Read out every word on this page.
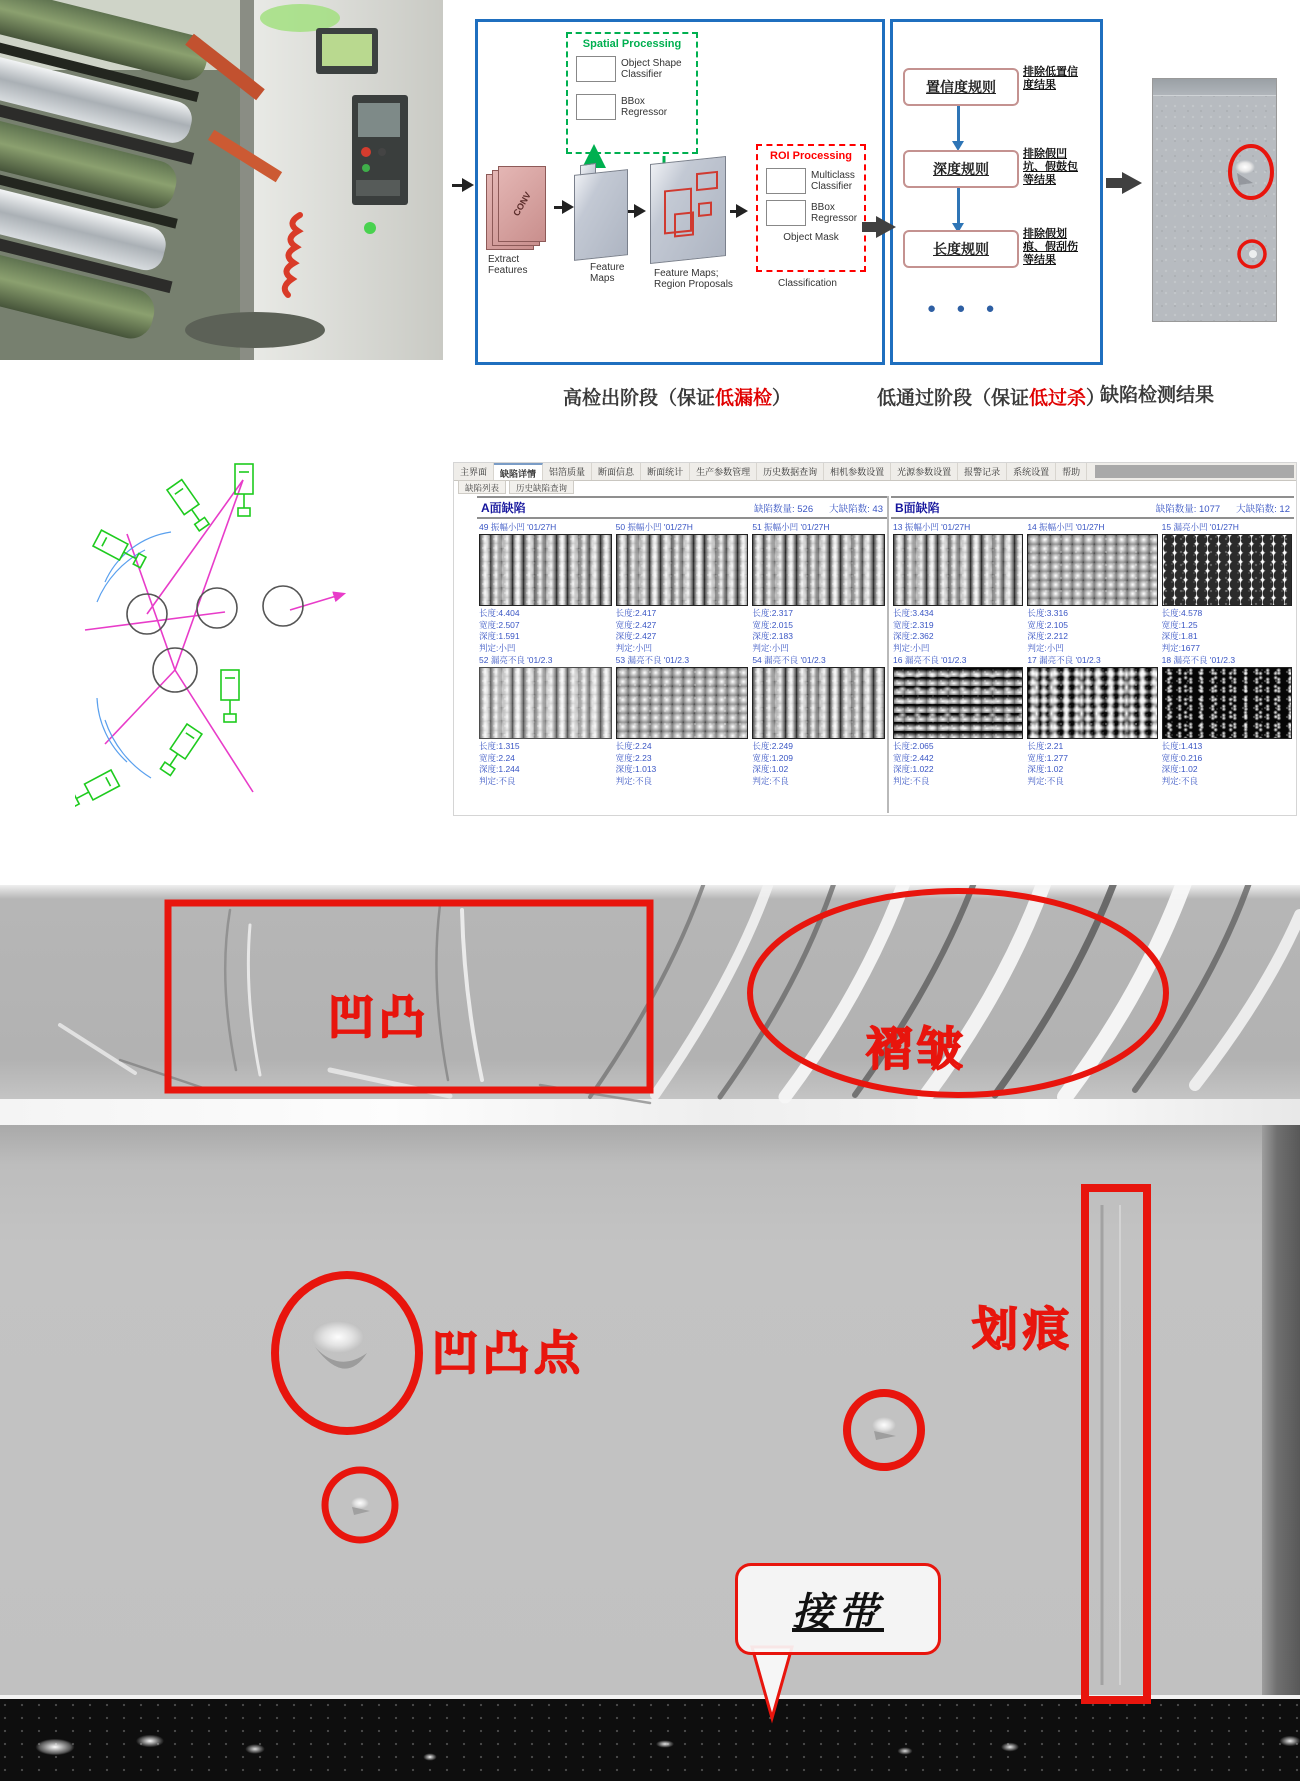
Spatial Processing
Object Shape Classifier
BBox Regressor
CONV
Extract Features	Feature Maps	Feature Maps; Region Proposals
ROI Processing
Multiclass Classifier
BBox Regressor
Object Mask
Classification
置信度规则
排除低置信度结果
深度规则
排除假凹坑、假鼓包等结果
长度规则
排除假划痕、假刮伤等结果
● ● ●
高检出阶段（保证低漏检）	低通过阶段（保证低过杀）
缺陷检测结果
主界面	缺陷详情	铝箔质量	断面信息	断面统计	生产参数管理	历史数据查询	相机参数设置	光源参数设置	报警记录	系统设置	帮助
缺陷列表	历史缺陷查询
A面缺陷	缺陷数量: 526 大缺陷数: 43
49 振幅小凹 '01/27H
长度:4.404
宽度:2.507
深度:1.591
判定:小凹
50 振幅小凹 '01/27H
长度:2.417
宽度:2.427
深度:2.427
判定:小凹
51 振幅小凹 '01/27H
长度:2.317
宽度:2.015
深度:2.183
判定:小凹
52 漏亮不良 '01/2.3
长度:1.315
宽度:2.24
深度:1.244
判定:不良
53 漏亮不良 '01/2.3
长度:2.24
宽度:2.23
深度:1.013
判定:不良
54 漏亮不良 '01/2.3
长度:2.249
宽度:1.209
深度:1.02
判定:不良
B面缺陷	缺陷数量: 1077 大缺陷数: 12
13 振幅小凹 '01/27H
长度:3.434
宽度:2.319
深度:2.362
判定:小凹
14 振幅小凹 '01/27H
长度:3.316
宽度:2.105
深度:2.212
判定:小凹
15 漏亮小凹 '01/27H
长度:4.578
宽度:1.25
深度:1.81
判定:1677
16 漏亮不良 '01/2.3
长度:2.065
宽度:2.442
深度:1.022
判定:不良
17 漏亮不良 '01/2.3
长度:2.21
宽度:1.277
深度:1.02
判定:不良
18 漏亮不良 '01/2.3
长度:1.413
宽度:0.216
深度:1.02
判定:不良
凹凸
褶皱
凹凸点	划痕
接带
